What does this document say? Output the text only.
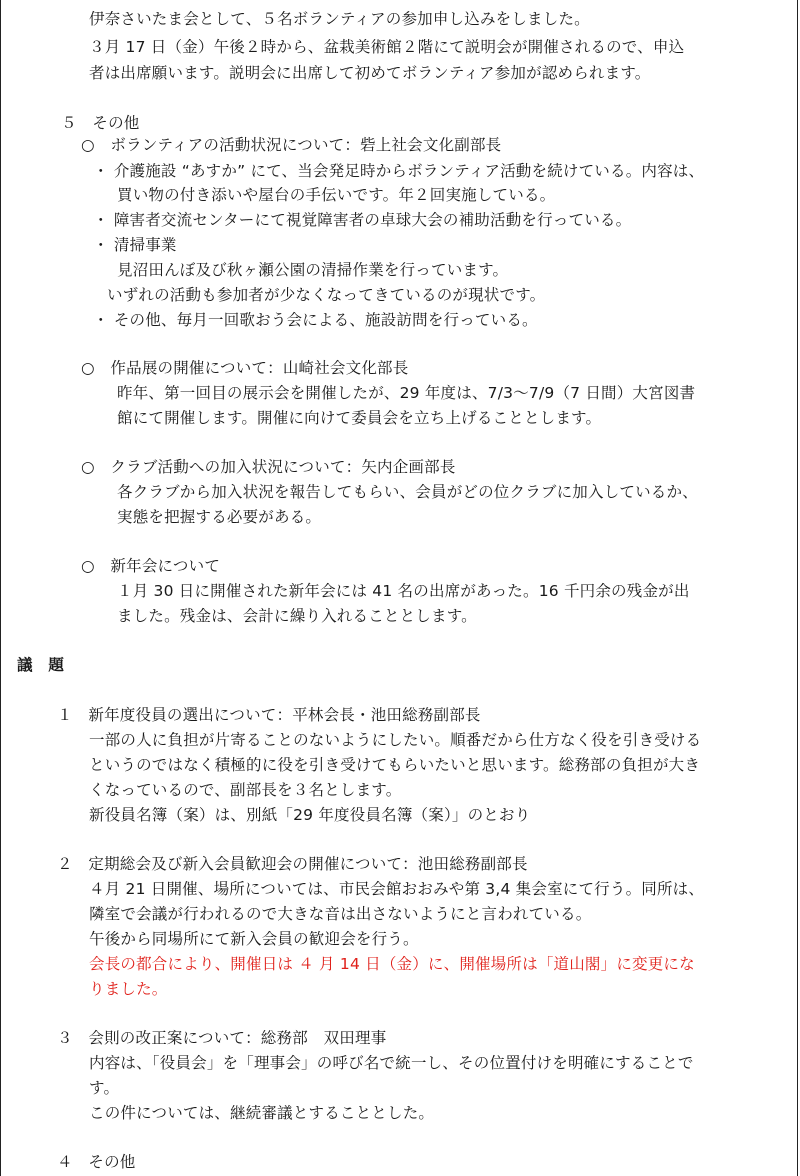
伊奈さいたま会として、５名ボランティアの参加申し込みをしました。
３月 17 日（金）午後２時から、盆栽美術館２階にて説明会が開催されるので、申込
者は出席願います。説明会に出席して初めてボランティア参加が認められます。
５　その他
○　ボランティアの活動状況について：砦上社会文化副部長
・ 介護施設 “あすか” にて、当会発足時からボランティア活動を続けている。内容は、
買い物の付き添いや屋台の手伝いです。年２回実施している。
・ 障害者交流センターにて視覚障害者の卓球大会の補助活動を行っている。
・ 清掃事業
見沼田んぼ及び秋ヶ瀬公園の清掃作業を行っています。
いずれの活動も参加者が少なくなってきているのが現状です。
・ その他、毎月一回歌おう会による、施設訪問を行っている。
○　作品展の開催について：山崎社会文化部長
昨年、第一回目の展示会を開催したが、29 年度は、7/3～7/9（7 日間）大宮図書
館にて開催します。開催に向けて委員会を立ち上げることとします。
○　クラブ活動への加入状況について：矢内企画部長
各クラブから加入状況を報告してもらい、会員がどの位クラブに加入しているか、
実態を把握する必要がある。
○　新年会について
１月 30 日に開催された新年会には 41 名の出席があった。16 千円余の残金が出
ました。残金は、会計に繰り入れることとします。
議　題
１　新年度役員の選出について：平林会長・池田総務副部長
一部の人に負担が片寄ることのないようにしたい。順番だから仕方なく役を引き受ける
というのではなく積極的に役を引き受けてもらいたいと思います。総務部の負担が大き
くなっているので、副部長を３名とします。
新役員名簿（案）は、別紙「29 年度役員名簿（案）」のとおり
２　定期総会及び新入会員歓迎会の開催について：池田総務副部長
４月 21 日開催、場所については、市民会館おおみや第 3,4 集会室にて行う。同所は、
隣室で会議が行われるので大きな音は出さないようにと言われている。
午後から同場所にて新入会員の歓迎会を行う。
会長の都合により、開催日は ４ 月 14 日（金）に、開催場所は「道山閣」に変更にな
りました。
３　会則の改正案について：総務部　双田理事
内容は、「役員会」を「理事会」の呼び名で統一し、その位置付けを明確にすることで
す。
この件については、継続審議とすることとした。
４　その他
